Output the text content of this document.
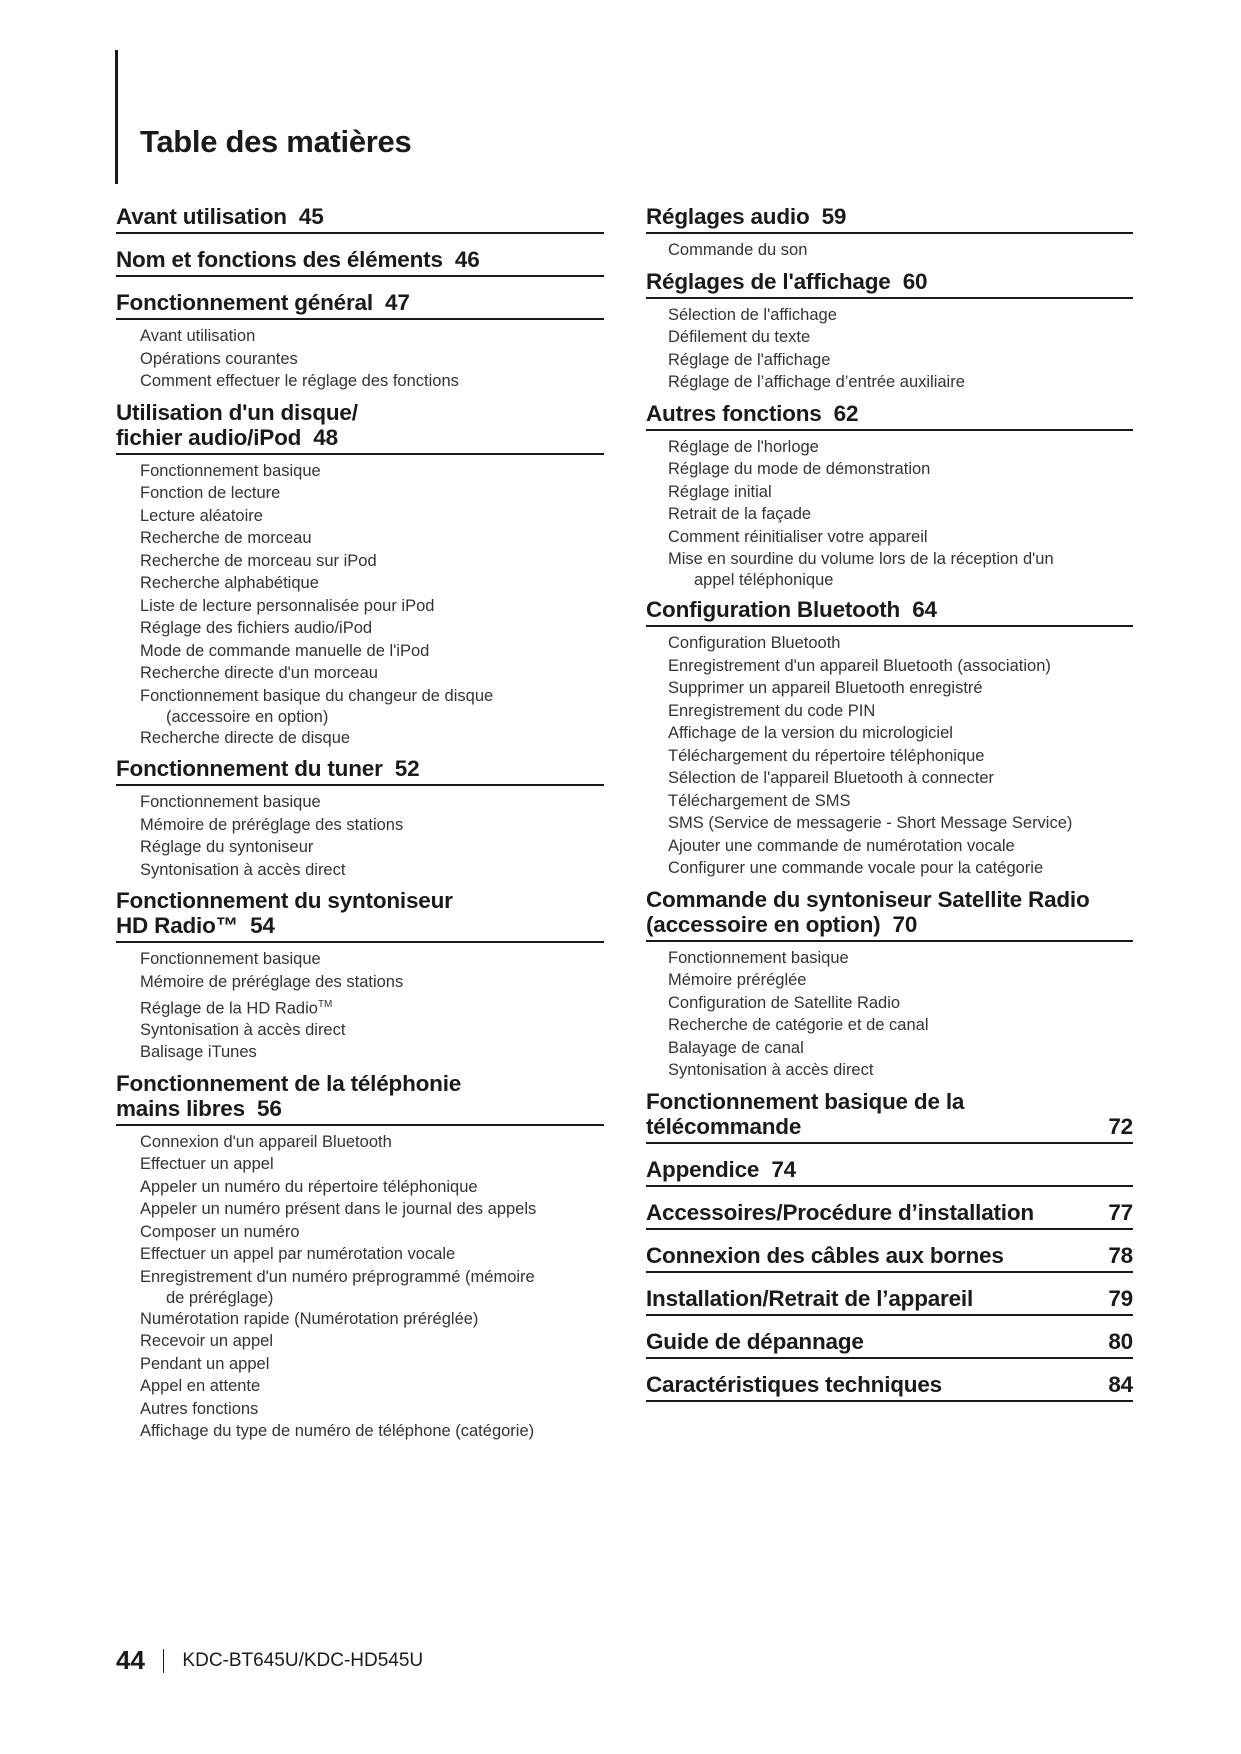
Table des matières
Avant utilisation 45
Nom et fonctions des éléments 46
Fonctionnement général 47
Avant utilisation
Opérations courantes
Comment effectuer le réglage des fonctions
Utilisation d'un disque/
fichier audio/iPod 48
Fonctionnement basique
Fonction de lecture
Lecture aléatoire
Recherche de morceau
Recherche de morceau sur iPod
Recherche alphabétique
Liste de lecture personnalisée pour iPod
Réglage des fichiers audio/iPod
Mode de commande manuelle de l'iPod
Recherche directe d'un morceau
Fonctionnement basique du changeur de disque
(accessoire en option)
Recherche directe de disque
Fonctionnement du tuner 52
Fonctionnement basique
Mémoire de préréglage des stations
Réglage du syntoniseur
Syntonisation à accès direct
Fonctionnement du syntoniseur
HD Radio™ 54
Fonctionnement basique
Mémoire de préréglage des stations
Réglage de la HD Radio™
Syntonisation à accès direct
Balisage iTunes
Fonctionnement de la téléphonie
mains libres 56
Connexion d'un appareil Bluetooth
Effectuer un appel
Appeler un numéro du répertoire téléphonique
Appeler un numéro présent dans le journal des appels
Composer un numéro
Effectuer un appel par numérotation vocale
Enregistrement d'un numéro préprogrammé (mémoire
de préréglage)
Numérotation rapide (Numérotation préréglée)
Recevoir un appel
Pendant un appel
Appel en attente
Autres fonctions
Affichage du type de numéro de téléphone (catégorie)
Réglages audio 59
Commande du son
Réglages de l'affichage 60
Sélection de l'affichage
Défilement du texte
Réglage de l'affichage
Réglage de l’affichage d’entrée auxiliaire
Autres fonctions 62
Réglage de l'horloge
Réglage du mode de démonstration
Réglage initial
Retrait de la façade
Comment réinitialiser votre appareil
Mise en sourdine du volume lors de la réception d'un
appel téléphonique
Configuration Bluetooth 64
Configuration Bluetooth
Enregistrement d'un appareil Bluetooth (association)
Supprimer un appareil Bluetooth enregistré
Enregistrement du code PIN
Affichage de la version du micrologiciel
Téléchargement du répertoire téléphonique
Sélection de l'appareil Bluetooth à connecter
Téléchargement de SMS
SMS (Service de messagerie - Short Message Service)
Ajouter une commande de numérotation vocale
Configurer une commande vocale pour la catégorie
Commande du syntoniseur Satellite Radio
(accessoire en option) 70
Fonctionnement basique
Mémoire préréglée
Configuration de Satellite Radio
Recherche de catégorie et de canal
Balayage de canal
Syntonisation à accès direct
Fonctionnement basique de la
télécommande	72
Appendice 74
Accessoires/Procédure d’installation	77
Connexion des câbles aux bornes	78
Installation/Retrait de l’appareil	79
Guide de dépannage	80
Caractéristiques techniques	84
44 KDC-BT645U/KDC-HD545U
